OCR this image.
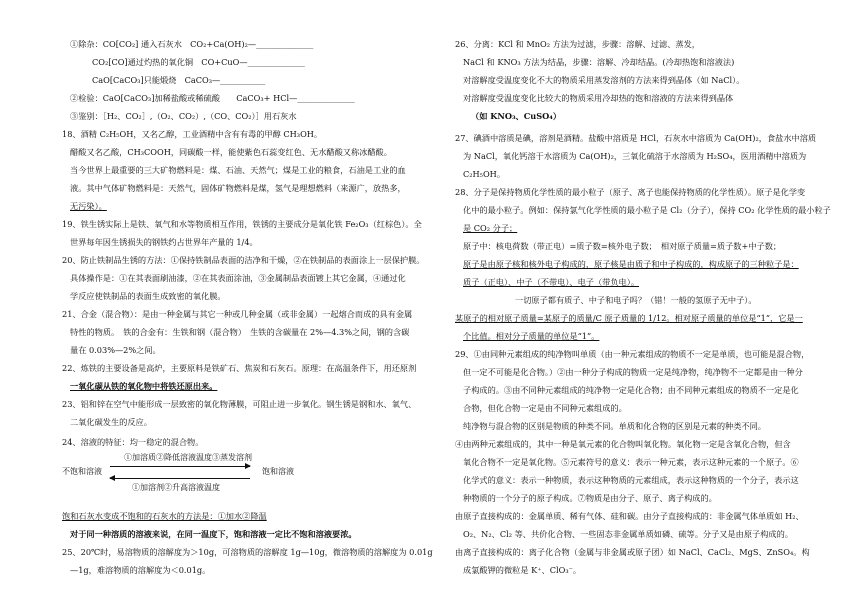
①除杂：CO[CO₂] 通入石灰水　CO₂+Ca(OH)₂—______________
CO₂[CO]通过灼热的氧化铜　CO+CuO—______________
CaO[CaCO₃]只能煅烧　CaCO₃—___________
②检验：CaO[CaCO₃]加稀盐酸或稀硫酸　　CaCO₃+ HCl—______________
③鉴别：［H₂、CO₂］,（O₂、CO₂）,（CO、CO₂）］用石灰水
18、酒精 C₂H₅OH，又名乙醇，工业酒精中含有有毒的甲醇 CH₃OH。
醋酸又名乙酸，CH₃COOH，同碳酸一样，能使紫色石蕊变红色、无水醋酸又称冰醋酸。
当今世界上最重要的三大矿物燃料是：煤、石油、天然气；煤是工业的粮食，石油是工业的血
液。其中气体矿物燃料是：天然气，固体矿物燃料是煤，氢气是理想燃料（来源广，放热多，
无污染）。
19、铁生锈实际上是铁、氧气和水等物质相互作用，铁锈的主要成分是氧化铁 Fe₂O₃（红棕色）。全
世界每年因生锈损失的钢铁约占世界年产量的 1/4。
20、防止铁制品生锈的方法：①保持铁制品表面的洁净和干燥，②在铁制品的表面涂上一层保护膜。
具体操作是：①在其表面刷油漆，②在其表面涂油，③金属制品表面镀上其它金属，④通过化
学反应使铁制品的表面生成致密的氧化膜。
21、合金（混合物）：是由一种金属与其它一种或几种金属（或非金属）一起熔合而成的具有金属
特性的物质。　铁的合金有：生铁和钢（混合物）　生铁的含碳量在 2%—4.3%之间，钢的含碳
量在 0.03%—2%之间。
22、炼铁的主要设备是高炉，主要原料是铁矿石、焦炭和石灰石。原理：在高温条件下，用还原剂
一氧化碳从铁的氧化物中将铁还原出来。
23、铝和锌在空气中能形成一层致密的氧化物薄膜，可阻止进一步氧化。钢生锈是钢和水、氧气、
二氧化碳发生的反应。
24、溶液的特征：均一稳定的混合物。
①加溶质②降低溶液温度③蒸发溶剂
不饱和溶液	饱和溶液
①加溶剂②升高溶液温度
饱和石灰水变成不饱和的石灰水的方法是：①加水②降温
对于同一种溶质的溶液来说，在同一温度下，饱和溶液一定比不饱和溶液要浓。
25、20℃时，易溶物质的溶解度为＞10g，可溶物质的溶解度 1g—10g，微溶物质的溶解度为 0.01g
—1g，难溶物质的溶解度为＜0.01g。
26、分离：KCl 和 MnO₂ 方法为过滤，步骤：溶解、过滤、蒸发，
NaCl 和 KNO₃ 方法为结晶，步骤：溶解、冷却结晶。(冷却热饱和溶液法)
对溶解度受温度变化不大的物质采用蒸发溶剂的方法来得到晶体（如 NaCl）。
对溶解度受温度变化比较大的物质采用冷却热的饱和溶液的方法来得到晶体
（如 KNO₃、CuSO₄）
27、碘酒中溶质是碘，溶剂是酒精。盐酸中溶质是 HCl，石灰水中溶质为 Ca(OH)₂，食盐水中溶质
为 NaCl，氧化钙溶于水溶质为 Ca(OH)₂，三氧化硫溶于水溶质为 H₂SO₄，医用酒精中溶质为
C₂H₅OH。
28、分子是保持物质化学性质的最小粒子（原子、离子也能保持物质的化学性质）。原子是化学变
化中的最小粒子。例如：保持氯气化学性质的最小粒子是 Cl₂（分子），保持 CO₂ 化学性质的最小粒子
是 CO₂ 分子；
原子中：核电荷数（带正电）=质子数=核外电子数；　相对原子质量=质子数+中子数；
原子是由原子核和核外电子构成的，原子核是由质子和中子构成的，构成原子的三种粒子是：
质子（正电）、中子（不带电）、电子（带负电）。
一切原子都有质子、中子和电子吗？（错！一般的氢原子无中子）。
某原子的相对原子质量=某原子的质量/C 原子质量的 1/12。相对原子质量的单位是“1”，它是一
个比值。相对分子质量的单位是“1”。
29、①由同种元素组成的纯净物叫单质（由一种元素组成的物质不一定是单质，也可能是混合物，
但一定不可能是化合物。）②由一种分子构成的物质一定是纯净物，纯净物不一定都是由一种分
子构成的。③由不同种元素组成的纯净物一定是化合物；由不同种元素组成的物质不一定是化
合物，但化合物一定是由不同种元素组成的。
纯净物与混合物的区别是物质的种类不同。单质和化合物的区别是元素的种类不同。
④由两种元素组成的，其中一种是氧元素的化合物叫氧化物。氧化物一定是含氧化合物，但含
氧化合物不一定是氧化物。⑤元素符号的意义：表示一种元素，表示这种元素的一个原子。⑥
化学式的意义：表示一种物质，表示这种物质的元素组成，表示这种物质的一个分子，表示这
种物质的一个分子的原子构成。⑦物质是由分子、原子、离子构成的。
由原子直接构成的：金属单质、稀有气体、硅和碳。由分子直接构成的：非金属气体单质如 H₂、
O₂、N₂、Cl₂ 等、共价化合物、一些固态非金属单质如磷、硫等。分子又是由原子构成的。
由离子直接构成的：离子化合物（金属与非金属或原子团）如 NaCl、CaCl₂、MgS、ZnSO₄。构
成氯酸钾的微粒是 K⁺、ClO₃⁻。
